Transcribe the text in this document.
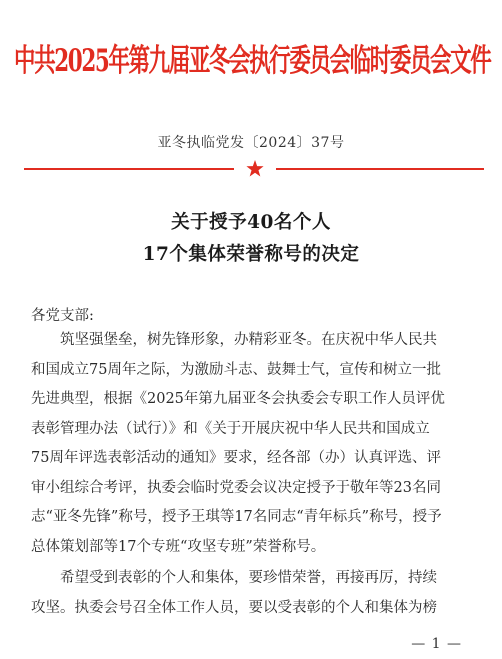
中共2025年第九届亚冬会执行委员会临时委员会文件
亚冬执临党发〔2024〕37号
关于授予40名个人
17个集体荣誉称号的决定
各党支部:
筑坚强堡垒，树先锋形象，办精彩亚冬。在庆祝中华人民共
和国成立75周年之际，为激励斗志、鼓舞士气，宣传和树立一批
先进典型，根据《2025年第九届亚冬会执委会专职工作人员评优
表彰管理办法（试行）》和《关于开展庆祝中华人民共和国成立
75周年评选表彰活动的通知》要求，经各部（办）认真评选、评
审小组综合考评，执委会临时党委会议决定授予于敬年等23名同
志“亚冬先锋”称号，授予王琪等17名同志“青年标兵”称号，授予
总体策划部等17个专班“攻坚专班”荣誉称号。
希望受到表彰的个人和集体，要珍惜荣誉，再接再厉，持续
攻坚。执委会号召全体工作人员，要以受表彰的个人和集体为榜
— 1 —
